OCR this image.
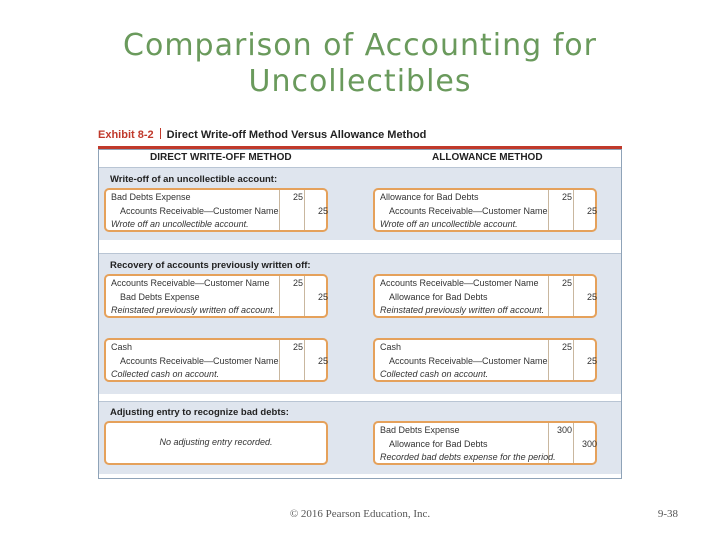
Comparison of Accounting for
Uncollectibles
Exhibit 8-2 Direct Write-off Method Versus Allowance Method
DIRECT WRITE-OFF METHOD	ALLOWANCE METHOD
Write-off of an uncollectible account:
Recovery of accounts previously written off:
Adjusting entry to recognize bad debts:
Bad Debts Expense	25
Accounts Receivable—Customer Name	25
Wrote off an uncollectible account.
Allowance for Bad Debts	25
Accounts Receivable—Customer Name	25
Wrote off an uncollectible account.
Accounts Receivable—Customer Name	25
Bad Debts Expense	25
Reinstated previously written off account.
Accounts Receivable—Customer Name	25
Allowance for Bad Debts	25
Reinstated previously written off account.
Cash	25
Accounts Receivable—Customer Name	25
Collected cash on account.
Cash	25
Accounts Receivable—Customer Name	25
Collected cash on account.
No adjusting entry recorded.
Bad Debts Expense	300
Allowance for Bad Debts	300
Recorded bad debts expense for the period.
© 2016 Pearson Education, Inc.	9-38
